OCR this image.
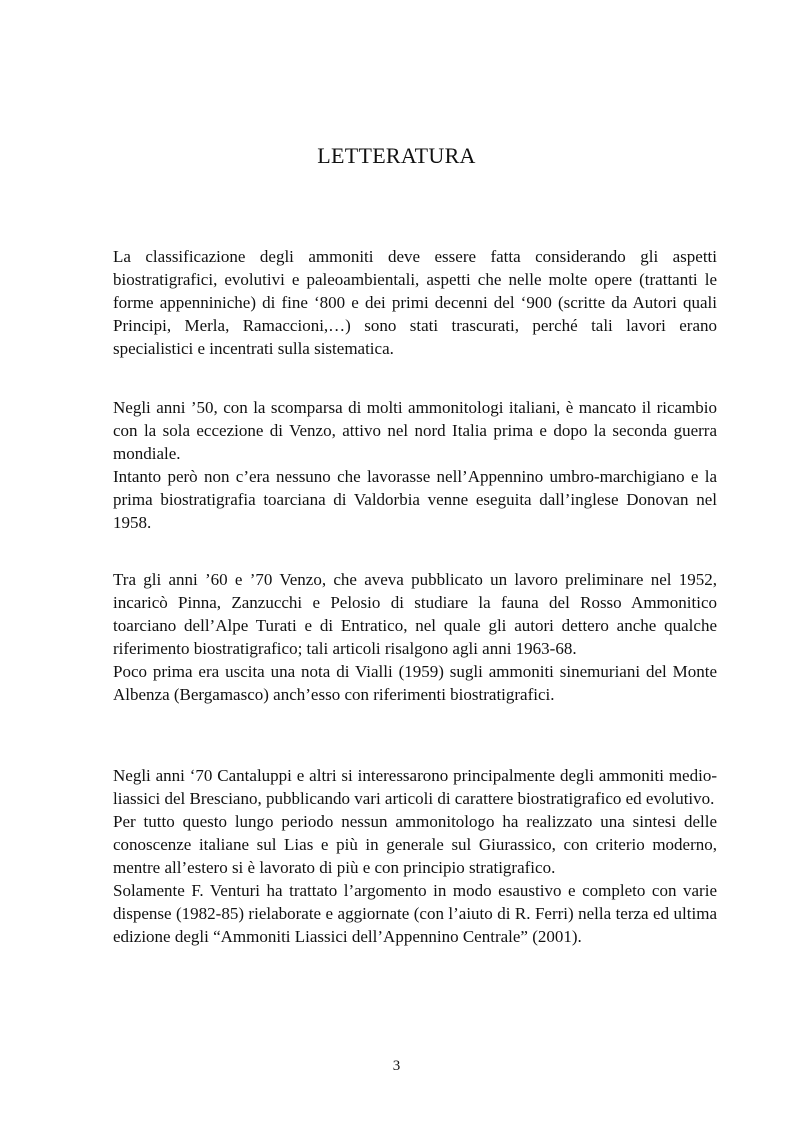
LETTERATURA
La classificazione degli ammoniti deve essere fatta considerando gli aspetti biostratigrafici, evolutivi e paleoambientali, aspetti che nelle molte opere (trattanti le forme appenniniche) di fine ‘800 e dei primi decenni del ‘900 (scritte da Autori quali Principi, Merla, Ramaccioni,…) sono stati trascurati, perché tali lavori erano specialistici e incentrati sulla sistematica.
Negli anni ’50, con la scomparsa di molti ammonitologi italiani, è mancato il ricambio con la sola eccezione di Venzo, attivo nel nord Italia prima e dopo la seconda guerra mondiale.
Intanto però non c’era nessuno che lavorasse nell’Appennino umbro-marchigiano e la prima biostratigrafia toarciana di Valdorbia venne eseguita dall’inglese Donovan nel 1958.
Tra gli anni ’60 e ’70 Venzo, che aveva pubblicato un lavoro preliminare nel 1952, incaricò Pinna, Zanzucchi e Pelosio di studiare la fauna del Rosso Ammonitico toarciano dell’Alpe Turati e di Entratico, nel quale gli autori dettero anche qualche riferimento biostratigrafico; tali articoli risalgono agli anni 1963-68.
Poco prima era uscita una nota di Vialli (1959) sugli ammoniti sinemuriani del Monte Albenza (Bergamasco) anch’esso con riferimenti biostratigrafici.
Negli anni ‘70 Cantaluppi e altri si interessarono principalmente degli ammoniti medio-liassici del Bresciano, pubblicando vari articoli di carattere biostratigrafico ed evolutivo.
Per tutto questo lungo periodo nessun ammonitologo ha realizzato una sintesi delle conoscenze italiane sul Lias e più in generale sul Giurassico, con criterio moderno, mentre all’estero si è lavorato di più e con principio stratigrafico.
Solamente F. Venturi ha trattato l’argomento in modo esaustivo e completo con varie dispense (1982-85) rielaborate e aggiornate (con l’aiuto di R. Ferri) nella terza ed ultima edizione degli “Ammoniti Liassici dell’Appennino Centrale” (2001).
3
